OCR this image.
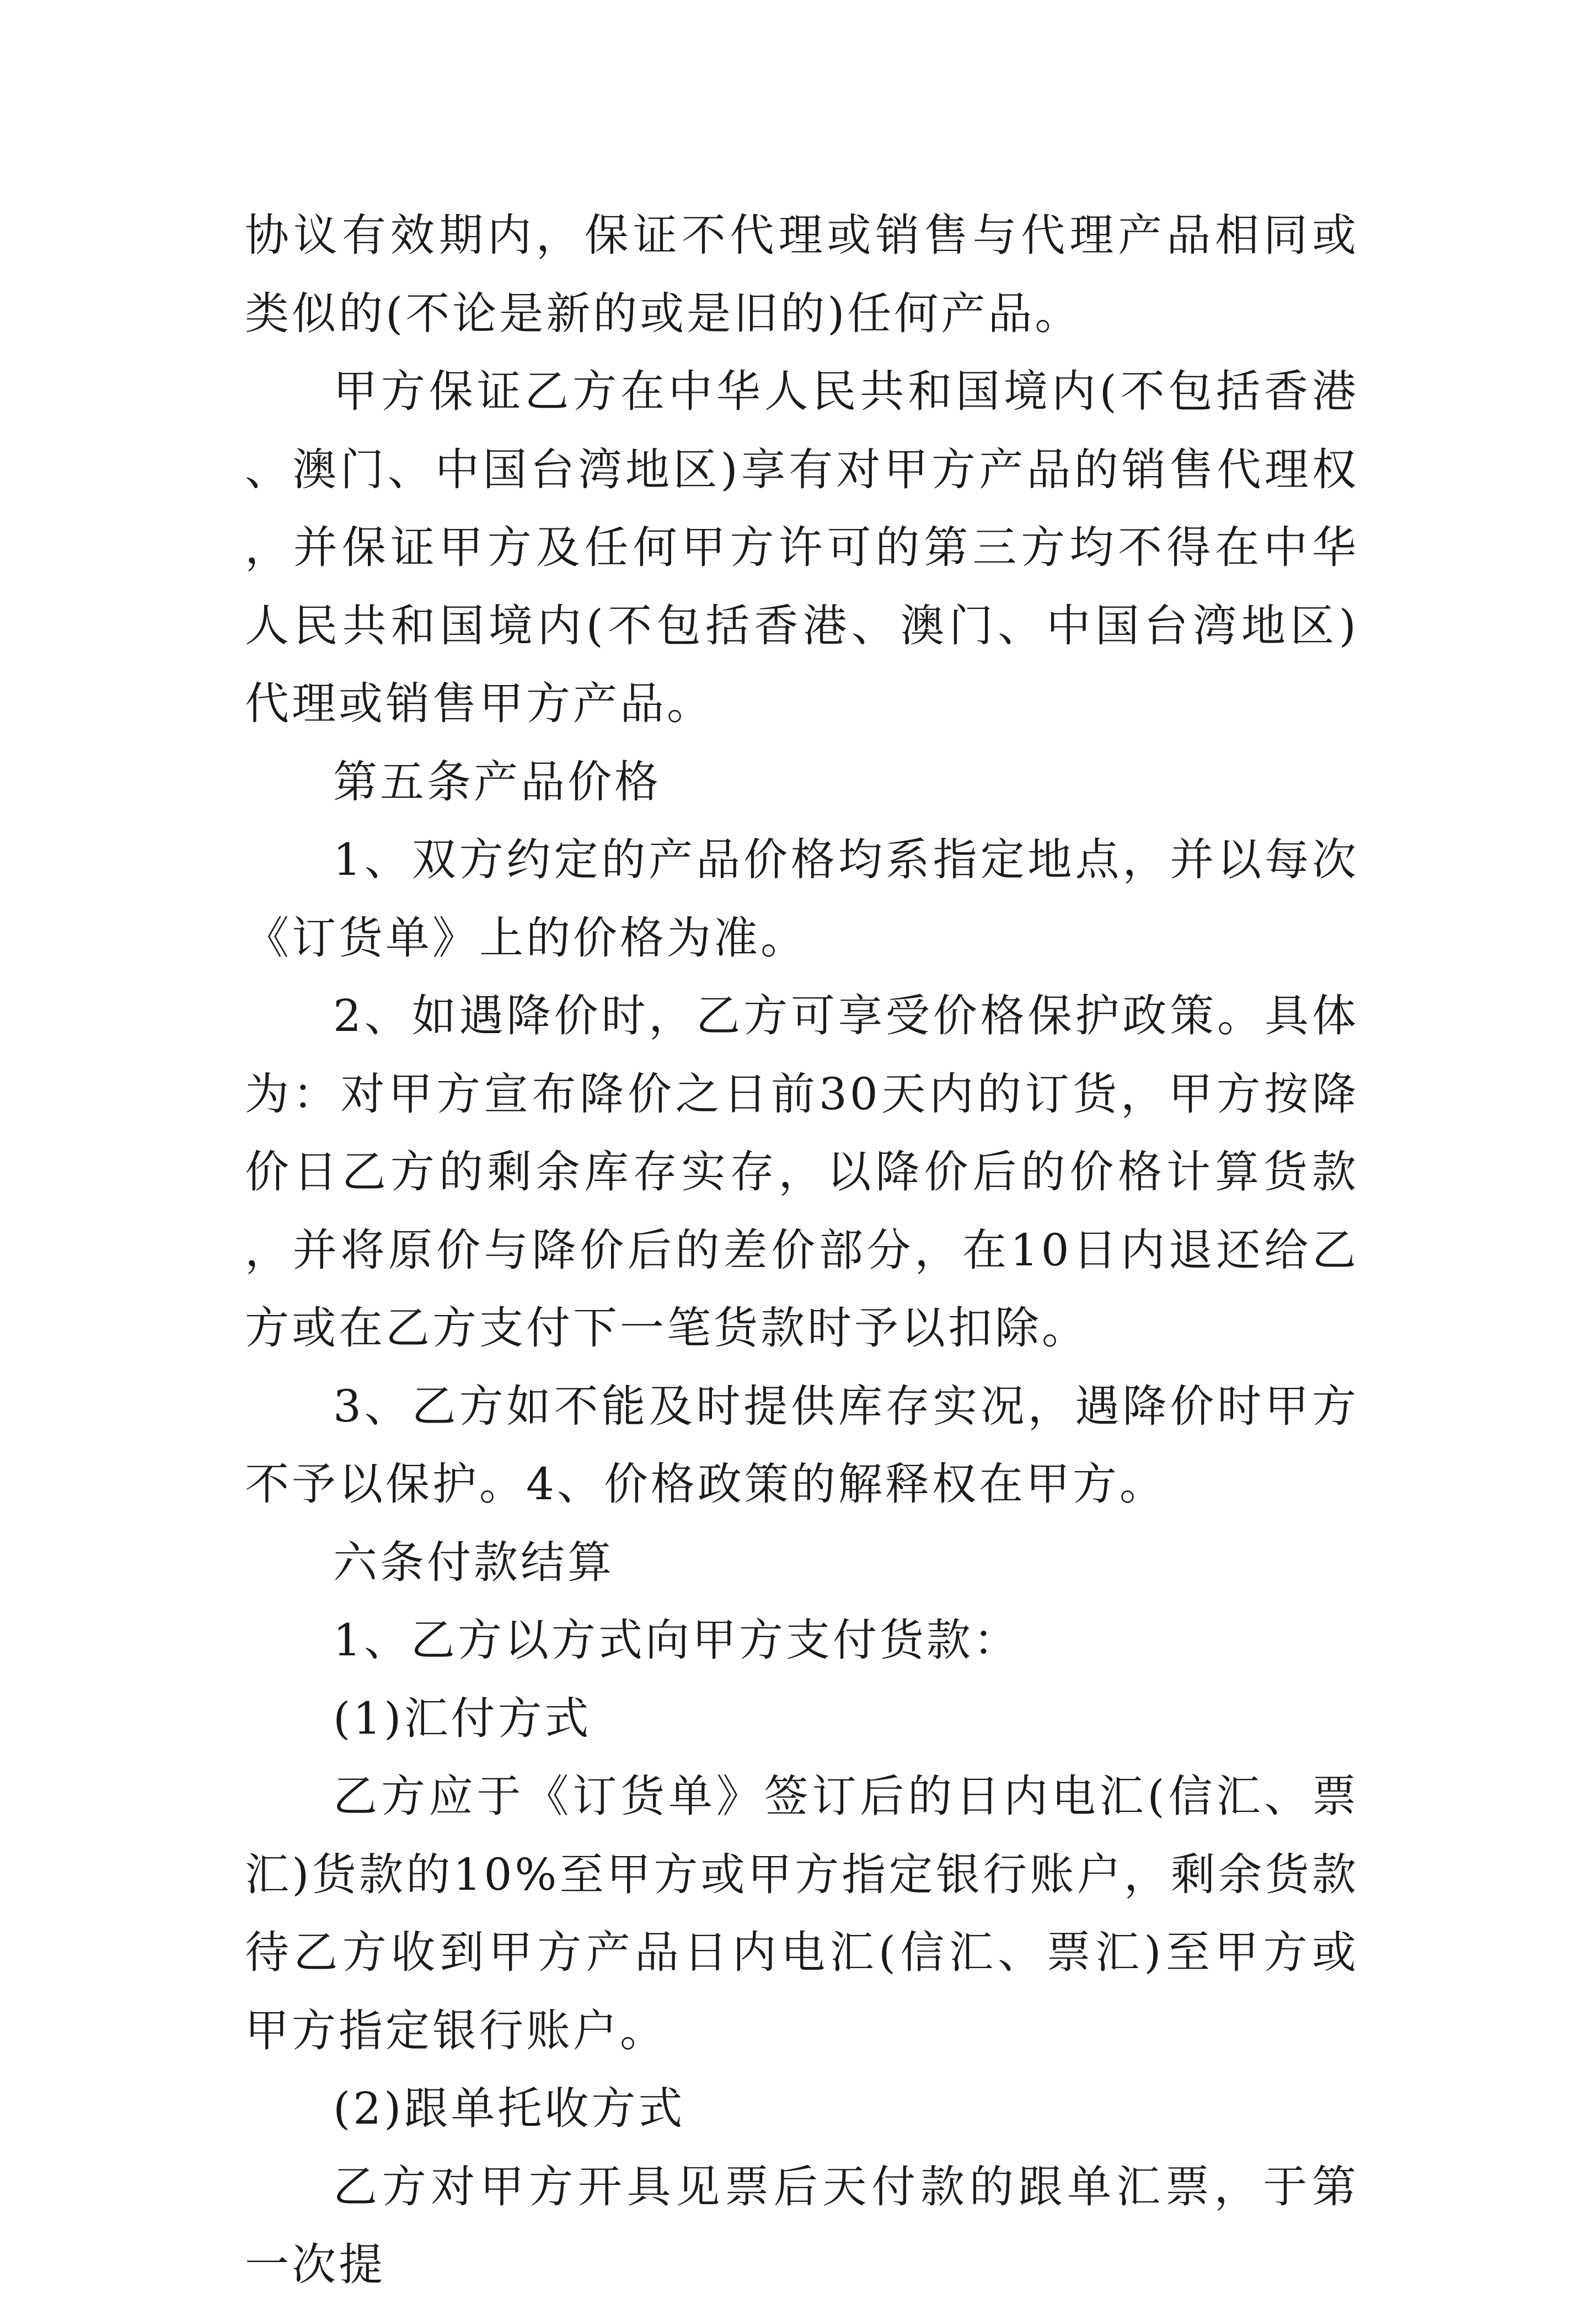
协议有效期内，保证不代理或销售与代理产品相同或类似的(不论是新的或是旧的)任何产品。

甲方保证乙方在中华人民共和国境内(不包括香港、澳门、中国台湾地区)享有对甲方产品的销售代理权，并保证甲方及任何甲方许可的第三方均不得在中华人民共和国境内(不包括香港、澳门、中国台湾地区)代理或销售甲方产品。

第五条产品价格

1、双方约定的产品价格均系指定地点，并以每次《订货单》上的价格为准。

2、如遇降价时，乙方可享受价格保护政策。具体为：对甲方宣布降价之日前30天内的订货，甲方按降价日乙方的剩余库存实存，以降价后的价格计算货款，并将原价与降价后的差价部分，在10日内退还给乙方或在乙方支付下一笔货款时予以扣除。

3、乙方如不能及时提供库存实况，遇降价时甲方不予以保护。4、价格政策的解释权在甲方。

六条付款结算

1、乙方以方式向甲方支付货款：

(1)汇付方式

乙方应于《订货单》签订后的日内电汇(信汇、票汇)货款的10%至甲方或甲方指定银行账户，剩余货款待乙方收到甲方产品日内电汇(信汇、票汇)至甲方或甲方指定银行账户。

(2)跟单托收方式

乙方对甲方开具见票后天付款的跟单汇票，于第一次提
